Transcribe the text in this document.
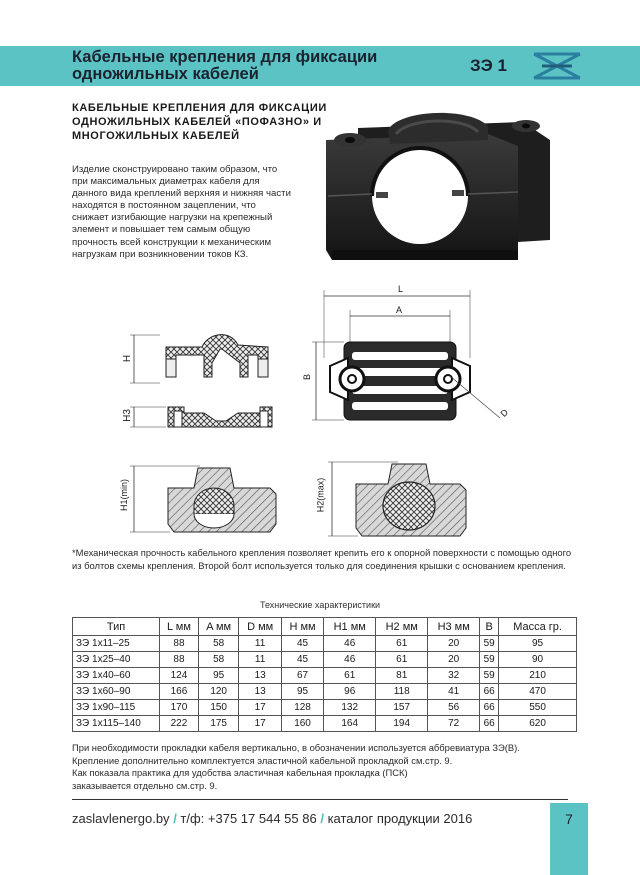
Кабельные крепления для фиксации одножильных кабелей	ЗЭ 1
КАБЕЛЬНЫЕ КРЕПЛЕНИЯ ДЛЯ ФИКСАЦИИ ОДНОЖИЛЬНЫХ КАБЕЛЕЙ «ПОФАЗНО» И МНОГОЖИЛЬНЫХ КАБЕЛЕЙ
Изделие сконструировано таким образом, что при максимальных диаметрах кабеля для данного вида креплений верхняя и нижняя части находятся в постоянном зацеплении, что снижает изгибающие нагрузки на крепежный элемент и повышает тем самым общую прочность всей конструкции к механическим нагрузкам при возникновении токов КЗ.
H
H3
L
A
B
D
H1(min)	H2(max)
*Механическая прочность кабельного крепления позволяет крепить его к опорной поверхности с помощью одного из болтов схемы крепления. Второй болт используется только для соединения крышки с основанием крепления.
Технические характеристики
Тип	L мм	A мм	D мм	H мм	H1 мм	H2 мм	H3 мм	B	Масса гр.
ЗЭ 1х11–25	88	58	11	45	46	61	20	59	95
ЗЭ 1х25–40	88	58	11	45	46	61	20	59	90
ЗЭ 1х40–60	124	95	13	67	61	81	32	59	210
ЗЭ 1х60–90	166	120	13	95	96	118	41	66	470
ЗЭ 1х90–115	170	150	17	128	132	157	56	66	550
ЗЭ 1х115–140	222	175	17	160	164	194	72	66	620
При необходимости прокладки кабеля вертикально, в обозначении используется аббревиатура ЗЭ(В).
Крепление дополнительно комплектуется эластичной кабельной прокладкой см.стр. 9.
Как показала практика для удобства эластичная кабельная прокладка (ПСК)
заказывается отдельно см.стр. 9.
zaslavlenergo.by / т/ф: +375 17 544 55 86 / каталог продукции 2016	7
